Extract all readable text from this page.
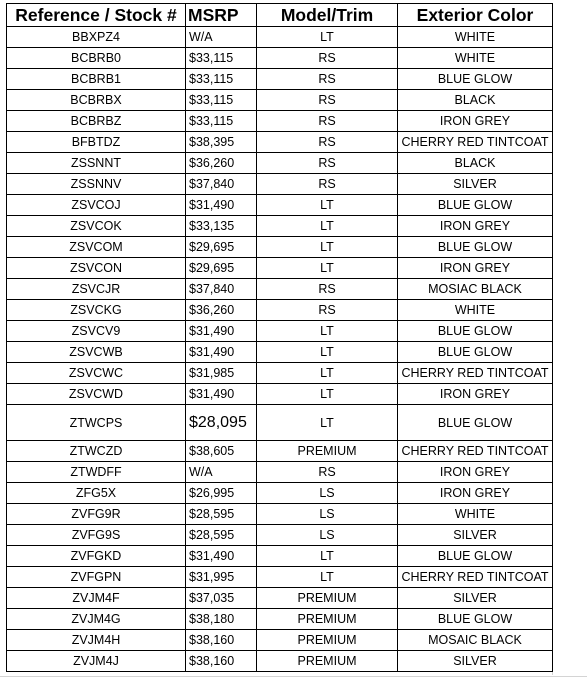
Reference / Stock #	MSRP	Model/Trim	Exterior Color
BBXPZ4	W/A	LT	WHITE
BCBRB0	$33,115	RS	WHITE
BCBRB1	$33,115	RS	BLUE GLOW
BCBRBX	$33,115	RS	BLACK
BCBRBZ	$33,115	RS	IRON GREY
BFBTDZ	$38,395	RS	CHERRY RED TINTCOAT
ZSSNNT	$36,260	RS	BLACK
ZSSNNV	$37,840	RS	SILVER
ZSVCOJ	$31,490	LT	BLUE GLOW
ZSVCOK	$33,135	LT	IRON GREY
ZSVCOM	$29,695	LT	BLUE GLOW
ZSVCON	$29,695	LT	IRON GREY
ZSVCJR	$37,840	RS	MOSIAC BLACK
ZSVCKG	$36,260	RS	WHITE
ZSVCV9	$31,490	LT	BLUE GLOW
ZSVCWB	$31,490	LT	BLUE GLOW
ZSVCWC	$31,985	LT	CHERRY RED TINTCOAT
ZSVCWD	$31,490	LT	IRON GREY
ZTWCPS	$28,095	LT	BLUE GLOW
ZTWCZD	$38,605	PREMIUM	CHERRY RED TINTCOAT
ZTWDFF	W/A	RS	IRON GREY
ZFG5X	$26,995	LS	IRON GREY
ZVFG9R	$28,595	LS	WHITE
ZVFG9S	$28,595	LS	SILVER
ZVFGKD	$31,490	LT	BLUE GLOW
ZVFGPN	$31,995	LT	CHERRY RED TINTCOAT
ZVJM4F	$37,035	PREMIUM	SILVER
ZVJM4G	$38,180	PREMIUM	BLUE GLOW
ZVJM4H	$38,160	PREMIUM	MOSAIC BLACK
ZVJM4J	$38,160	PREMIUM	SILVER
